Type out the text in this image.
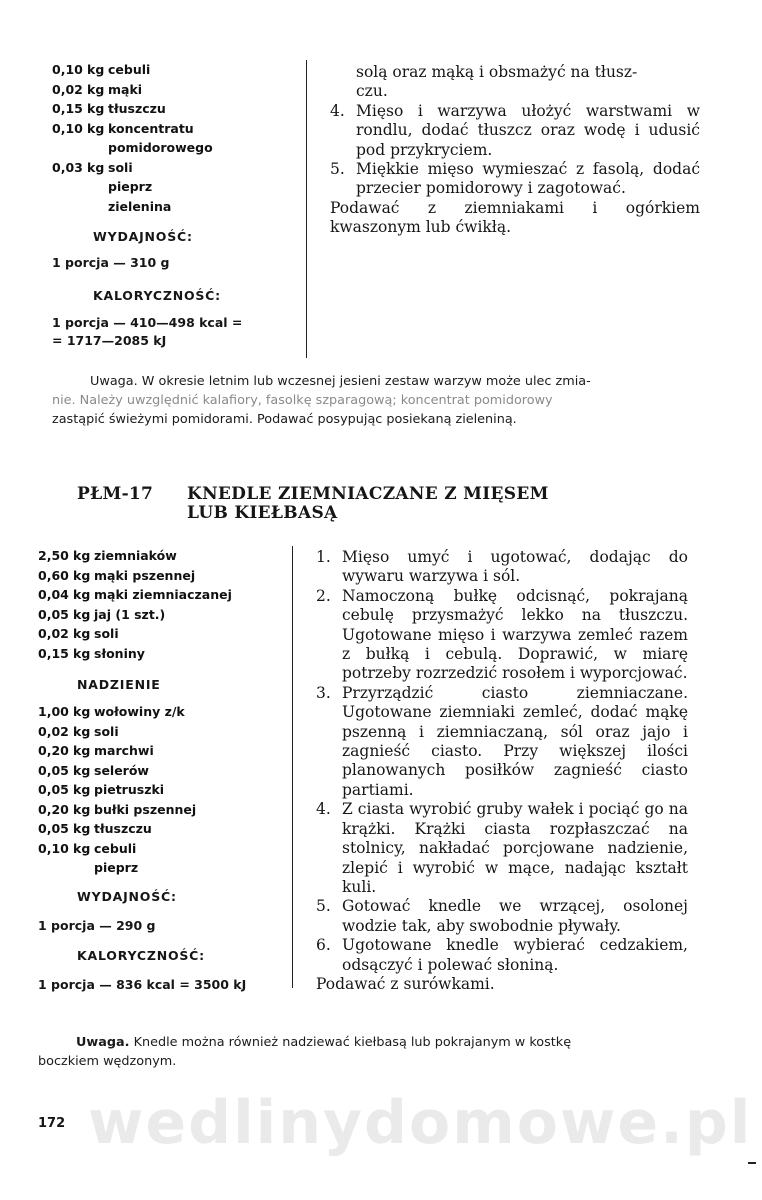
0,10 kg cebuli
0,02 kg mąki
0,15 kg tłuszczu
0,10 kg koncentratu
pomidorowego
0,03 kg soli
pieprz
zielenina
WYDAJNOŚĆ:
1 porcja — 310 g
KALORYCZNOŚĆ:
1 porcja — 410—498 kcal =
= 1717—2085 kJ
solą oraz mąką i obsmażyć na tłusz-
czu.
4. Mięso i warzywa ułożyć warstwami w rondlu, dodać tłuszcz oraz wodę i udusić pod przykryciem.
5. Miękkie mięso wymieszać z fasolą, dodać przecier pomidorowy i zagotować.
Podawać z ziemniakami i ogórkiem kwaszonym lub ćwikłą.
Uwaga. W okresie letnim lub wczesnej jesieni zestaw warzyw może ulec zmia-
nie. Należy uwzględnić kalafiory, fasolkę szparagową; koncentrat pomidorowy
zastąpić świeżymi pomidorami. Podawać posypując posiekaną zieleniną.
PŁM-17 KNEDLE ZIEMNIACZANE Z MIĘSEM
LUB KIEŁBASĄ
2,50 kg ziemniaków
0,60 kg mąki pszennej
0,04 kg mąki ziemniaczanej
0,05 kg jaj (1 szt.)
0,02 kg soli
0,15 kg słoniny
NADZIENIE
1,00 kg wołowiny z/k
0,02 kg soli
0,20 kg marchwi
0,05 kg selerów
0,05 kg pietruszki
0,20 kg bułki pszennej
0,05 kg tłuszczu
0,10 kg cebuli
pieprz
WYDAJNOŚĆ:
1 porcja — 290 g
KALORYCZNOŚĆ:
1 porcja — 836 kcal = 3500 kJ
1. Mięso umyć i ugotować, dodając do wywaru warzywa i sól.
2. Namoczoną bułkę odcisnąć, pokrajaną cebulę przysmażyć lekko na tłuszczu. Ugotowane mięso i warzywa zemleć razem z bułką i cebulą. Doprawić, w miarę potrzeby rozrzedzić rosołem i wyporcjować.
3. Przyrządzić ciasto ziemniaczane. Ugotowane ziemniaki zemleć, dodać mąkę pszenną i ziemniaczaną, sól oraz jajo i zagnieść ciasto. Przy większej ilości planowanych posiłków zagnieść ciasto partiami.
4. Z ciasta wyrobić gruby wałek i pociąć go na krążki. Krążki ciasta rozpłaszczać na stolnicy, nakładać porcjowane nadzienie, zlepić i wyrobić w mące, nadając kształt kuli.
5. Gotować knedle we wrzącej, osolonej wodzie tak, aby swobodnie pływały.
6. Ugotowane knedle wybierać cedzakiem, odsączyć i polewać słoniną.
Podawać z surówkami.
Uwaga. Knedle można również nadziewać kiełbasą lub pokrajanym w kostkę
boczkiem wędzonym.
wedlinydomowe.pl
172
